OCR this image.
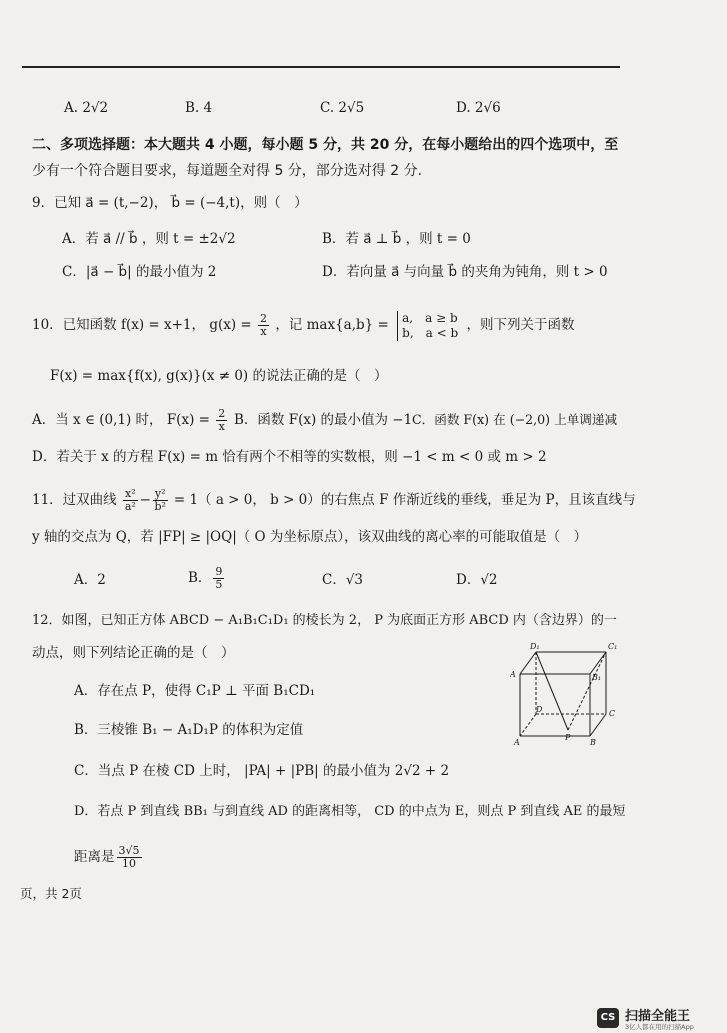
A. 2√2	B. 4	C. 2√5	D. 2√6
二、多项选择题：本大题共 4 小题，每小题 5 分，共 20 分，在每小题给出的四个选项中，至
少有一个符合题目要求，每道题全对得 5 分，部分选对得 2 分.
9．已知 a⃗ = (t,−2)， b⃗ = (−4,t)，则（　）
A．若 a⃗ // b⃗ ，则 t = ±2√2	B．若 a⃗ ⊥ b⃗ ，则 t = 0
C．|a⃗ − b⃗| 的最小值为 2	D．若向量 a⃗ 与向量 b⃗ 的夹角为钝角，则 t > 0
10．已知函数 f(x) = x+1， $g(x) = \frac{2}{x}$ ，记 max{a,b} = a,　a ≥ b
b,　a < b ，则下列关于函数
F(x) = max{f(x), g(x)}(x ≠ 0) 的说法正确的是（　）
A．当 x ∈ (0,1) 时， $F(x) = \frac{2}{x}$ B．函数 F(x) 的最小值为 −1 C．函数 F(x) 在 (−2,0) 上单调递减
D．若关于 x 的方程 F(x) = m 恰有两个不相等的实数根，则 −1 < m < 0 或 m > 2
11．过双曲线 $\frac{\text{x²}}{\text{a²}} - \frac{\text{y²}}{\text{b²}} = 1$（ a > 0， b > 0）的右焦点 F 作渐近线的垂线，垂足为 P，且该直线与
y 轴的交点为 Q，若 |FP| ≥ |OQ|（ O 为坐标原点），该双曲线的离心率的可能取值是（　）
A．2	B． $\frac{9}{5}$	C．√3	D．√2
12．如图，已知正方体 ABCD − A₁B₁C₁D₁ 的棱长为 2， P 为底面正方形 ABCD 内（含边界）的一
动点，则下列结论正确的是（　）
A．存在点 P，使得 C₁P ⊥ 平面 B₁CD₁
B．三棱锥 B₁ − A₁D₁P 的体积为定值
C．当点 P 在棱 CD 上时， |PA| + |PB| 的最小值为 2√2 + 2
D．若点 P 到直线 BB₁ 与到直线 AD 的距离相等， CD 的中点为 E，则点 P 到直线 AE 的最短
距离是 $\frac{3√5}{10}$
D₁	C₁
A	B₁
D	C
A	B
P
页，共 2页
CS 扫描全能王
3亿人都在用的扫描App
